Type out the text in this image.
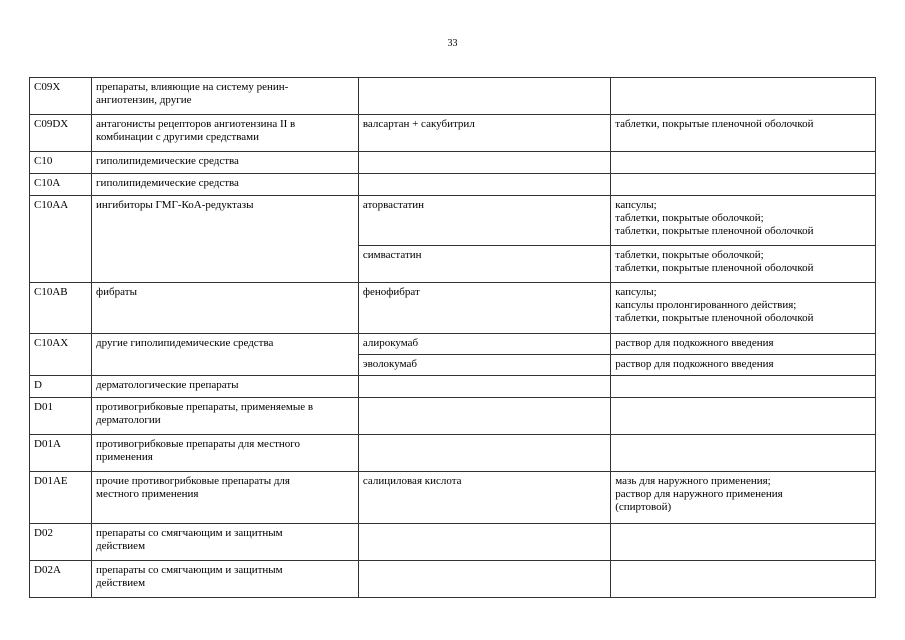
33
C09X	препараты, влияющие на систему ренин-
ангиотензин, другие		

C09DX	антагонисты рецепторов ангиотензина II в
комбинации с другими средствами	валсартан + сакубитрил	таблетки, покрытые пленочной оболочкой

C10	гиполипидемические средства		

C10A	гиполипидемические средства		

C10AA	ингибиторы ГМГ-КоА-редуктазы	аторвастатин	капсулы;
таблетки, покрытые оболочкой;
таблетки, покрытые пленочной оболочкой

		симвастатин	таблетки, покрытые оболочкой;
таблетки, покрытые пленочной оболочкой

C10AB	фибраты	фенофибрат	капсулы;
капсулы пролонгированного действия;
таблетки, покрытые пленочной оболочкой

C10AX	другие гиполипидемические средства	алирокумаб	раствор для подкожного введения

		эволокумаб	раствор для подкожного введения

D	дерматологические препараты		

D01	противогрибковые препараты, применяемые в
дерматологии		

D01A	противогрибковые препараты для местного
применения		

D01AE	прочие противогрибковые препараты для
местного применения	салициловая кислота	мазь для наружного применения;
раствор для наружного применения
(спиртовой)

D02	препараты со смягчающим и защитным
действием		

D02A	препараты со смягчающим и защитным
действием		
